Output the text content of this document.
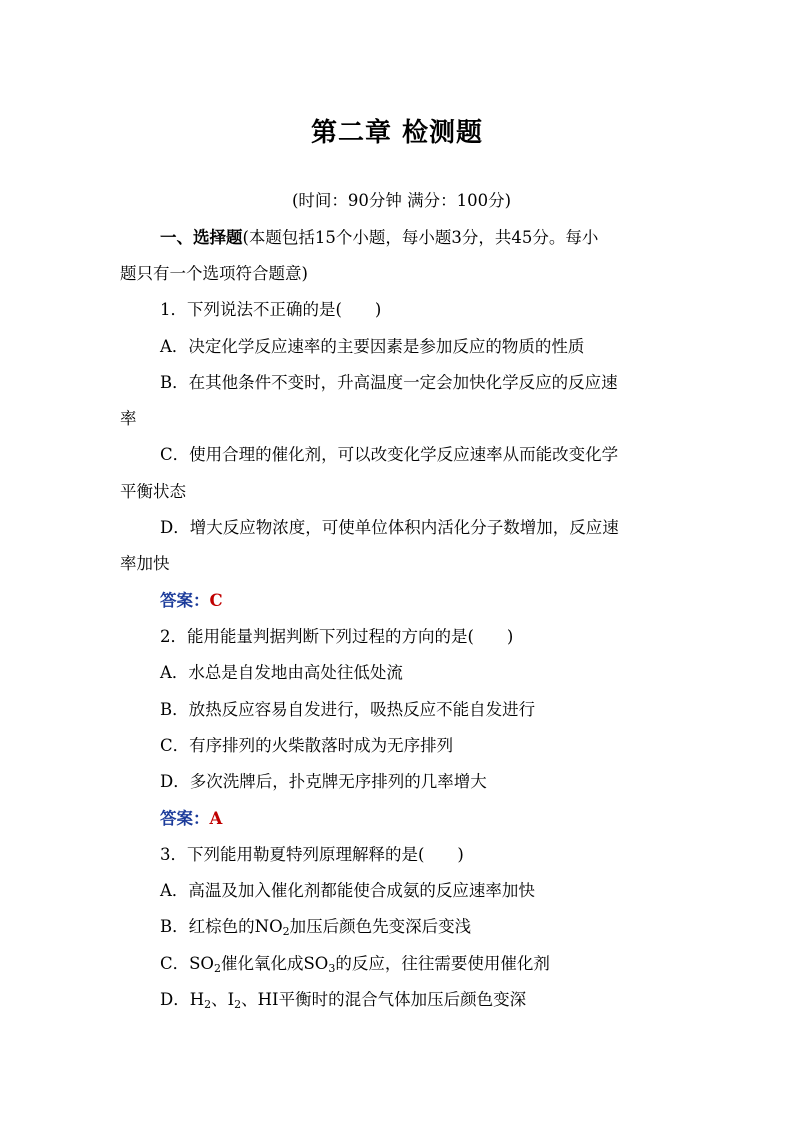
第二章 检测题
(时间：90分钟 满分：100分)
一、选择题(本题包括15个小题，每小题3分，共45分。每小
题只有一个选项符合题意)
1．下列说法不正确的是(　　)
A．决定化学反应速率的主要因素是参加反应的物质的性质
B．在其他条件不变时，升高温度一定会加快化学反应的反应速
率
C．使用合理的催化剂，可以改变化学反应速率从而能改变化学
平衡状态
D．增大反应物浓度，可使单位体积内活化分子数增加，反应速
率加快
答案：C
2．能用能量判据判断下列过程的方向的是(　　)
A．水总是自发地由高处往低处流
B．放热反应容易自发进行，吸热反应不能自发进行
C．有序排列的火柴散落时成为无序排列
D．多次洗牌后，扑克牌无序排列的几率增大
答案：A
3．下列能用勒夏特列原理解释的是(　　)
A．高温及加入催化剂都能使合成氨的反应速率加快
B．红棕色的$NO_2$加压后颜色先变深后变浅
C．$SO_2$催化氧化成$SO_3$的反应，往往需要使用催化剂
D．$H_2$、$I_2$、HI平衡时的混合气体加压后颜色变深
